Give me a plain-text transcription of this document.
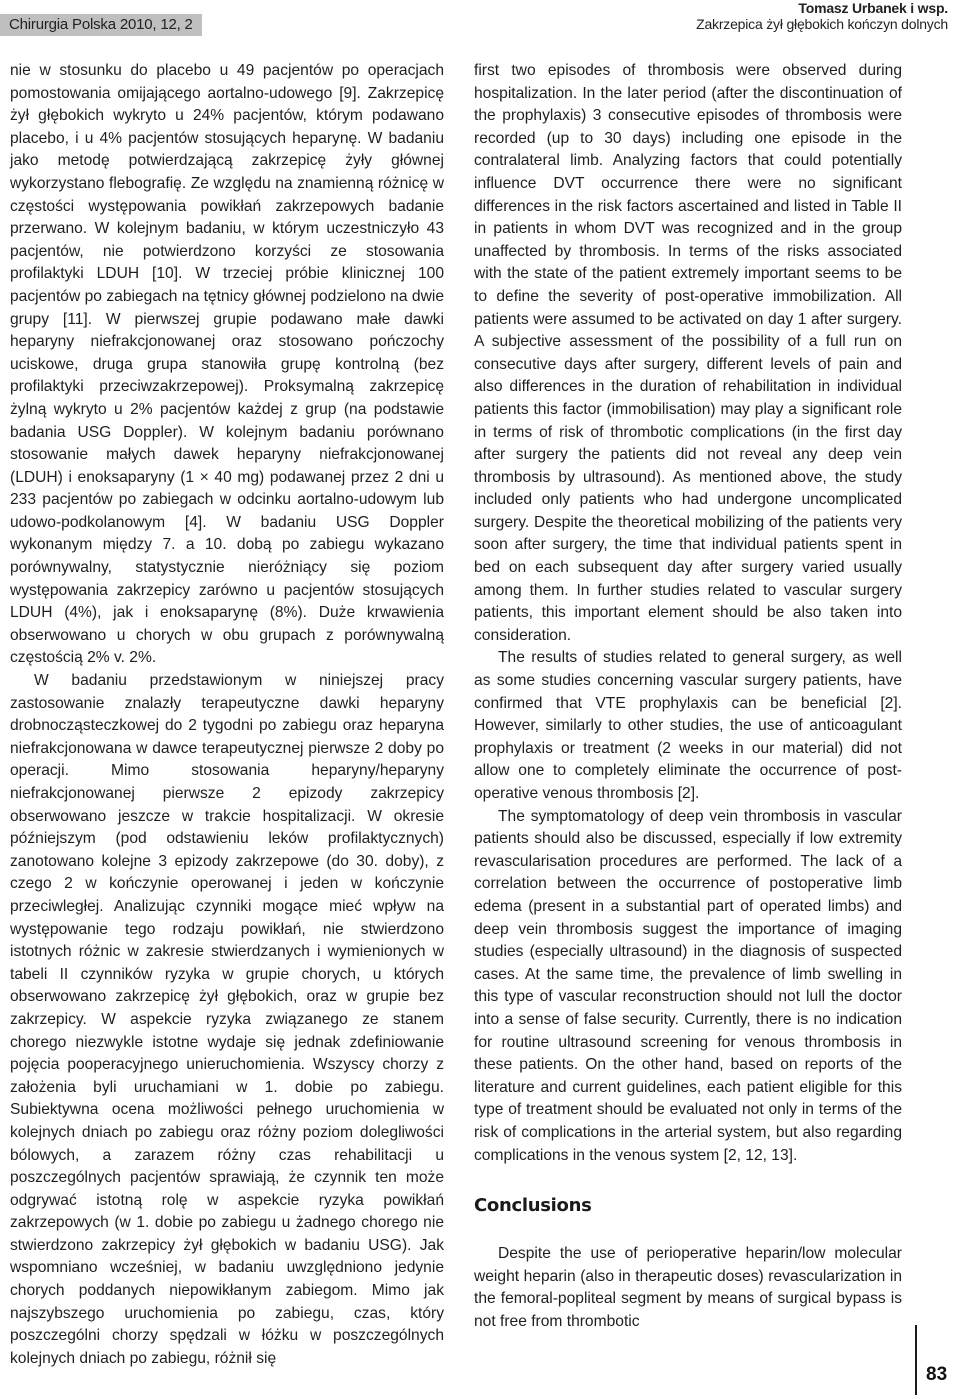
Chirurgia Polska 2010, 12, 2
Tomasz Urbanek i wsp.
Zakrzepica żył głębokich kończyn dolnych

nie w stosunku do placebo u 49 pacjentów po operacjach pomostowania omijającego aortalno-udowego [9]. Zakrzepicę żył głębokich wykryto u 24% pacjentów, którym podawano placebo, i u 4% pacjentów stosujących heparynę. W badaniu jako metodę potwierdzającą zakrzepicę żyły głównej wykorzystano flebografię. Ze względu na znamienną różnicę w częstości występowania powikłań zakrzepowych badanie przerwano. W kolejnym badaniu, w którym uczestniczyło 43 pacjentów, nie potwierdzono korzyści ze stosowania profilaktyki LDUH [10]. W trzeciej próbie klinicznej 100 pacjentów po zabiegach na tętnicy głównej podzielono na dwie grupy [11]. W pierwszej grupie podawano małe dawki heparyny niefrakcjonowanej oraz stosowano pończochy uciskowe, druga grupa stanowiła grupę kontrolną (bez profilaktyki przeciwzakrzepowej). Proksymalną zakrzepicę żylną wykryto u 2% pacjentów każdej z grup (na podstawie badania USG Doppler). W kolejnym badaniu porównano stosowanie małych dawek heparyny niefrakcjonowanej (LDUH) i enoksaparyny (1 × 40 mg) podawanej przez 2 dni u 233 pacjentów po zabiegach w odcinku aortalno-udowym lub udowo-podkolanowym [4]. W badaniu USG Doppler wykonanym między 7. a 10. dobą po zabiegu wykazano porównywalny, statystycznie nieróżniący się poziom występowania zakrzepicy zarówno u pacjentów stosujących LDUH (4%), jak i enoksaparynę (8%). Duże krwawienia obserwowano u chorych w obu grupach z porównywalną częstością 2% v. 2%.

W badaniu przedstawionym w niniejszej pracy zastosowanie znalazły terapeutyczne dawki heparyny drobnocząsteczkowej do 2 tygodni po zabiegu oraz heparyna niefrakcjonowana w dawce terapeutycznej pierwsze 2 doby po operacji. Mimo stosowania heparyny/heparyny niefrakcjonowanej pierwsze 2 epizody zakrzepicy obserwowano jeszcze w trakcie hospitalizacji. W okresie późniejszym (pod odstawieniu leków profilaktycznych) zanotowano kolejne 3 epizody zakrzepowe (do 30. doby), z czego 2 w kończynie operowanej i jeden w kończynie przeciwległej. Analizując czynniki mogące mieć wpływ na występowanie tego rodzaju powikłań, nie stwierdzono istotnych różnic w zakresie stwierdzanych i wymienionych w tabeli II czynników ryzyka w grupie chorych, u których obserwowano zakrzepicę żył głębokich, oraz w grupie bez zakrzepicy. W aspekcie ryzyka związanego ze stanem chorego niezwykle istotne wydaje się jednak zdefiniowanie pojęcia pooperacyjnego unieruchomienia. Wszyscy chorzy z założenia byli uruchamiani w 1. dobie po zabiegu. Subiektywna ocena możliwości pełnego uruchomienia w kolejnych dniach po zabiegu oraz różny poziom dolegliwości bólowych, a zarazem różny czas rehabilitacji u poszczególnych pacjentów sprawiają, że czynnik ten może odgrywać istotną rolę w aspekcie ryzyka powikłań zakrzepowych (w 1. dobie po zabiegu u żadnego chorego nie stwierdzono zakrzepicy żył głębokich w badaniu USG). Jak wspomniano wcześniej, w badaniu uwzględniono jedynie chorych poddanych niepowikłanym zabiegom. Mimo jak najszybszego uruchomienia po zabiegu, czas, który poszczególni chorzy spędzali w łóżku w poszczególnych kolejnych dniach po zabiegu, różnił się

first two episodes of thrombosis were observed during hospitalization. In the later period (after the discontinuation of the prophylaxis) 3 consecutive episodes of thrombosis were recorded (up to 30 days) including one episode in the contralateral limb. Analyzing factors that could potentially influence DVT occurrence there were no significant differences in the risk factors ascertained and listed in Table II in patients in whom DVT was recognized and in the group unaffected by thrombosis. In terms of the risks associated with the state of the patient extremely important seems to be to define the severity of post-operative immobilization. All patients were assumed to be activated on day 1 after surgery. A subjective assessment of the possibility of a full run on consecutive days after surgery, different levels of pain and also differences in the duration of rehabilitation in individual patients this factor (immobilisation) may play a significant role in terms of risk of thrombotic complications (in the first day after surgery the patients did not reveal any deep vein thrombosis by ultrasound). As mentioned above, the study included only patients who had undergone uncomplicated surgery. Despite the theoretical mobilizing of the patients very soon after surgery, the time that individual patients spent in bed on each subsequent day after surgery varied usually among them. In further studies related to vascular surgery patients, this important element should be also taken into consideration.

The results of studies related to general surgery, as well as some studies concerning vascular surgery patients, have confirmed that VTE prophylaxis can be beneficial [2]. However, similarly to other studies, the use of anticoagulant prophylaxis or treatment (2 weeks in our material) did not allow one to completely eliminate the occurrence of post-operative venous thrombosis [2].

The symptomatology of deep vein thrombosis in vascular patients should also be discussed, especially if low extremity revascularisation procedures are performed. The lack of a correlation between the occurrence of postoperative limb edema (present in a substantial part of operated limbs) and deep vein thrombosis suggest the importance of imaging studies (especially ultrasound) in the diagnosis of suspected cases. At the same time, the prevalence of limb swelling in this type of vascular reconstruction should not lull the doctor into a sense of false security. Currently, there is no indication for routine ultrasound screening for venous thrombosis in these patients. On the other hand, based on reports of the literature and current guidelines, each patient eligible for this type of treatment should be evaluated not only in terms of the risk of complications in the arterial system, but also regarding complications in the venous system [2, 12, 13].

Conclusions

Despite the use of perioperative heparin/low molecular weight heparin (also in therapeutic doses) revascularization in the femoral-popliteal segment by means of surgical bypass is not free from thrombotic

83
